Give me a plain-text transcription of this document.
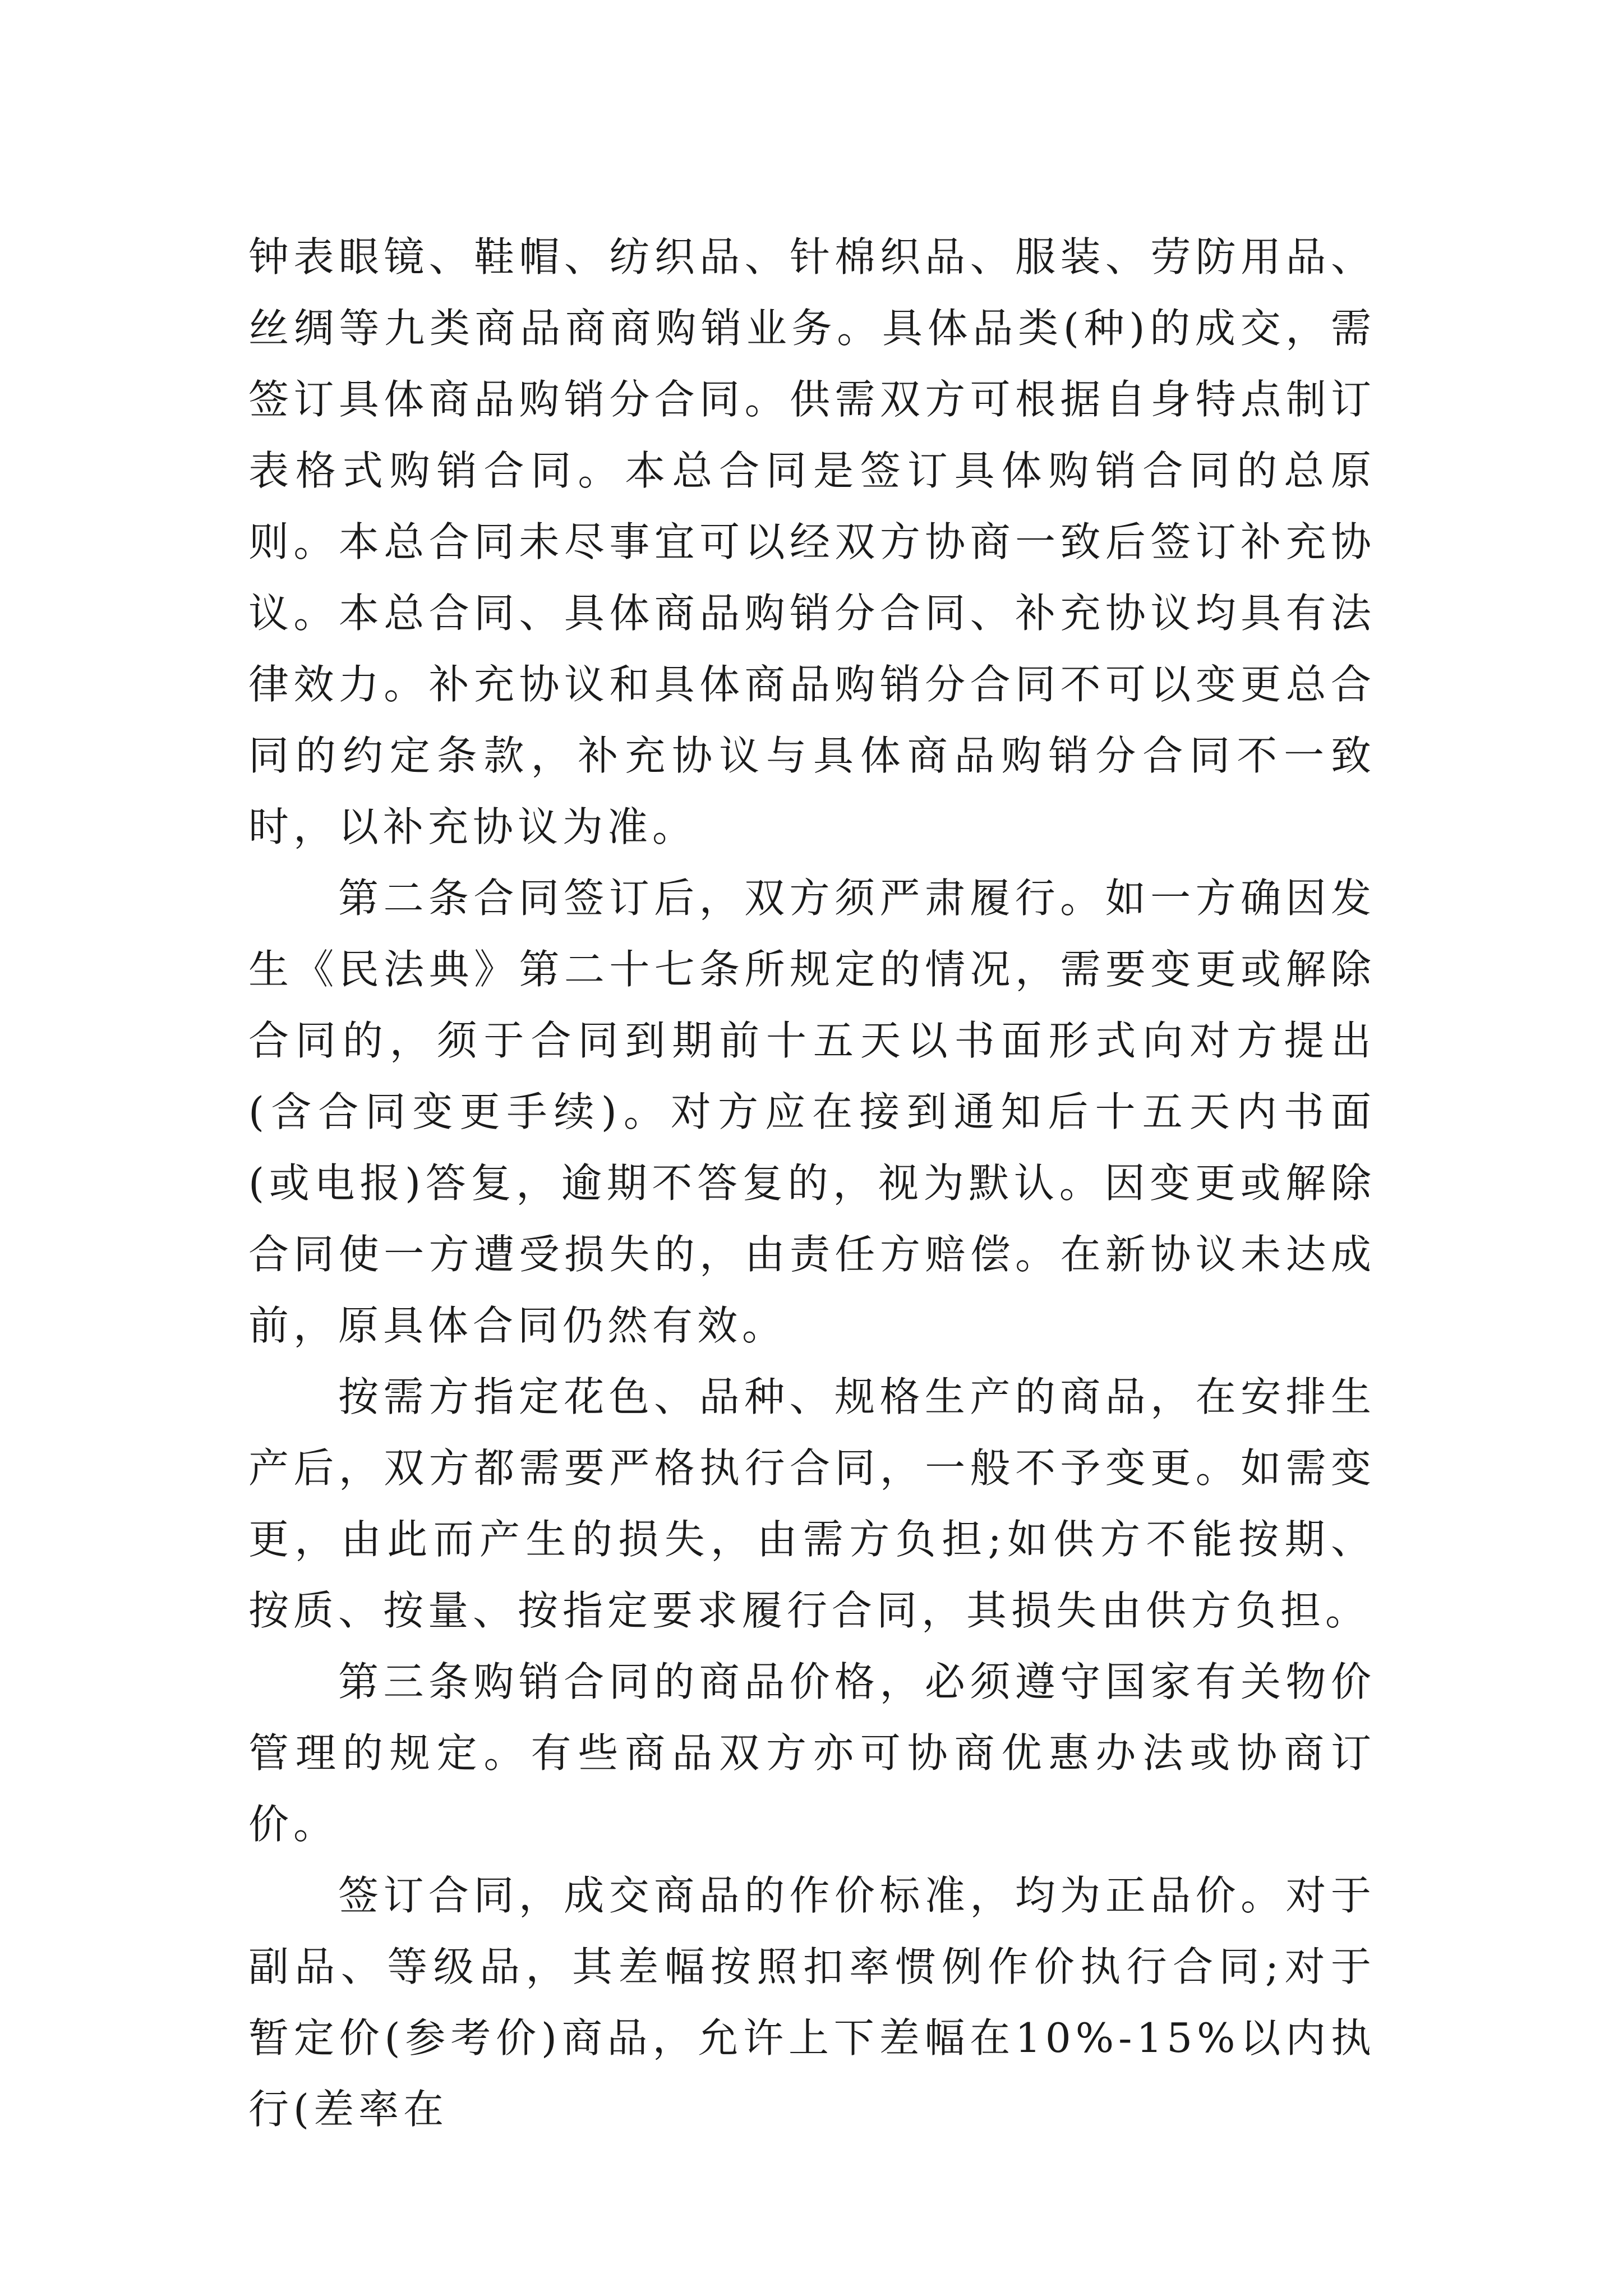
钟表眼镜、鞋帽、纺织品、针棉织品、服装、劳防用品、丝绸等九类商品商商购销业务。具体品类(种)的成交，需签订具体商品购销分合同。供需双方可根据自身特点制订表格式购销合同。本总合同是签订具体购销合同的总原则。本总合同未尽事宜可以经双方协商一致后签订补充协议。本总合同、具体商品购销分合同、补充协议均具有法律效力。补充协议和具体商品购销分合同不可以变更总合同的约定条款，补充协议与具体商品购销分合同不一致时，以补充协议为准。

第二条合同签订后，双方须严肃履行。如一方确因发生《民法典》第二十七条所规定的情况，需要变更或解除合同的，须于合同到期前十五天以书面形式向对方提出(含合同变更手续)。对方应在接到通知后十五天内书面(或电报)答复，逾期不答复的，视为默认。因变更或解除合同使一方遭受损失的，由责任方赔偿。在新协议未达成前，原具体合同仍然有效。

按需方指定花色、品种、规格生产的商品，在安排生产后，双方都需要严格执行合同，一般不予变更。如需变更，由此而产生的损失，由需方负担;如供方不能按期、按质、按量、按指定要求履行合同，其损失由供方负担。

第三条购销合同的商品价格，必须遵守国家有关物价管理的规定。有些商品双方亦可协商优惠办法或协商订价。

签订合同，成交商品的作价标准，均为正品价。对于副品、等级品，其差幅按照扣率惯例作价执行合同;对于暂定价(参考价)商品，允许上下差幅在10%-15%以内执行(差率在
